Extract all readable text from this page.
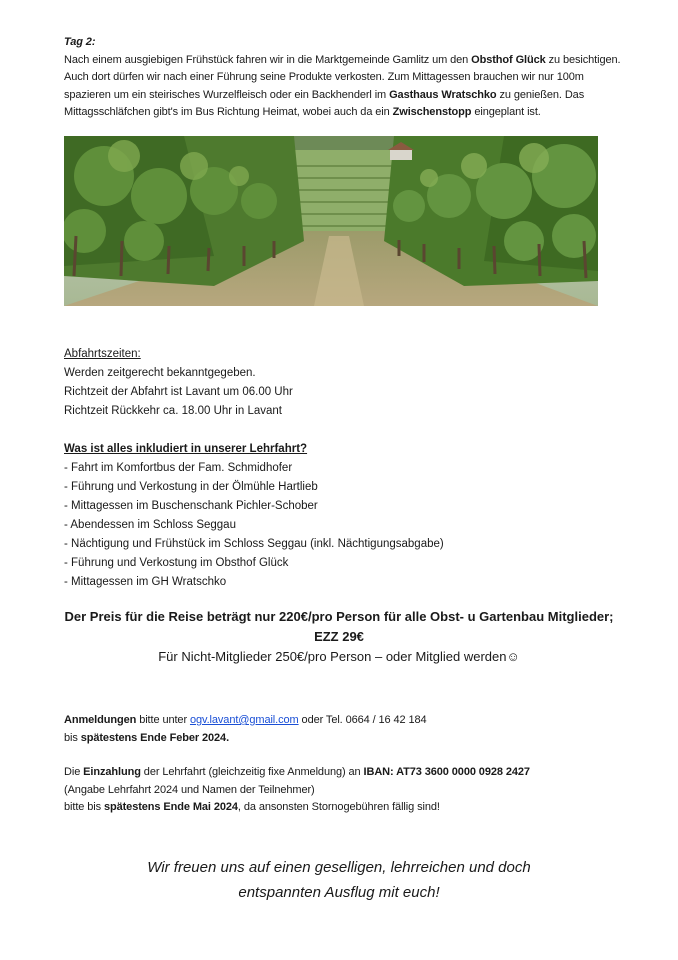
Tag 2:
Nach einem ausgiebigen Frühstück fahren wir in die Marktgemeinde Gamlitz um den Obsthof Glück zu besichtigen. Auch dort dürfen wir nach einer Führung seine Produkte verkosten. Zum Mittagessen brauchen wir nur 100m spazieren um ein steirisches Wurzelfleisch oder ein Backhenderl im Gasthaus Wratschko zu genießen. Das Mittagsschläfchen gibt's im Bus Richtung Heimat, wobei auch da ein Zwischenstopp eingeplant ist.
Abfahrtszeiten:
Werden zeitgerecht bekanntgegeben.
Richtzeit der Abfahrt ist Lavant um 06.00 Uhr
Richtzeit Rückkehr ca. 18.00 Uhr in Lavant
Was ist alles inkludiert in unserer Lehrfahrt?
- Fahrt im Komfortbus der Fam. Schmidhofer
- Führung und Verkostung in der Ölmühle Hartlieb
- Mittagessen im Buschenschank Pichler-Schober
- Abendessen im Schloss Seggau
- Nächtigung und Frühstück im Schloss Seggau (inkl. Nächtigungsabgabe)
- Führung und Verkostung im Obsthof Glück
- Mittagessen im GH Wratschko
Der Preis für die Reise beträgt nur 220€/pro Person für alle Obst- u Gartenbau Mitglieder;
EZZ 29€
Für Nicht-Mitglieder 250€/pro Person – oder Mitglied werden☺
Anmeldungen bitte unter ogv.lavant@gmail.com oder Tel. 0664 / 16 42 184
bis spätestens Ende Feber 2024.
Die Einzahlung der Lehrfahrt (gleichzeitig fixe Anmeldung) an IBAN: AT73 3600 0000 0928 2427
(Angabe Lehrfahrt 2024 und Namen der Teilnehmer)
bitte bis spätestens Ende Mai 2024, da ansonsten Stornogebühren fällig sind!
Wir freuen uns auf einen geselligen, lehrreichen und doch
entspannten Ausflug mit euch!
